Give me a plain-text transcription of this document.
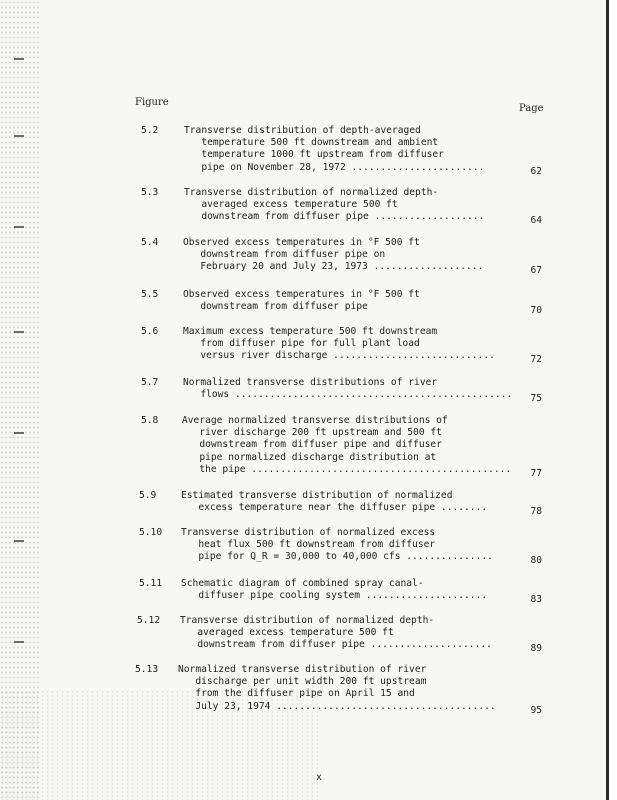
Figure
Page
5.2	Transverse distribution of depth-averaged
temperature 500 ft downstream and ambient
temperature 1000 ft upstream from diffuser
pipe on November 28, 1972 .......................	62
5.3	Transverse distribution of normalized depth-
averaged excess temperature 500 ft
downstream from diffuser pipe ...................	64
5.4	Observed excess temperatures in °F 500 ft
downstream from diffuser pipe on
February 20 and July 23, 1973 ...................	67
5.5	Observed excess temperatures in °F 500 ft
downstream from diffuser pipe	70
5.6	Maximum excess temperature 500 ft downstream
from diffuser pipe for full plant load
versus river discharge ............................	72
5.7	Normalized transverse distributions of river
flows ................................................	75
5.8 Average normalized transverse distributions of
river discharge 200 ft upstream and 500 ft
downstream from diffuser pipe and diffuser
pipe normalized discharge distribution at
the pipe .............................................	77
5.9	Estimated transverse distribution of normalized
excess temperature near the diffuser pipe ........	78
5.10 Transverse distribution of normalized excess
heat flux 500 ft downstream from diffuser
pipe for Q_R = 30,000 to 40,000 cfs ...............	80
5.11 Schematic diagram of combined spray canal-
diffuser pipe cooling system .....................	83
5.12 Transverse distribution of normalized depth-
averaged excess temperature 500 ft
downstream from diffuser pipe .....................	89
5.13 Normalized transverse distribution of river
discharge per unit width 200 ft upstream
from the diffuser pipe on April 15 and
July 23, 1974 ......................................	95
x
